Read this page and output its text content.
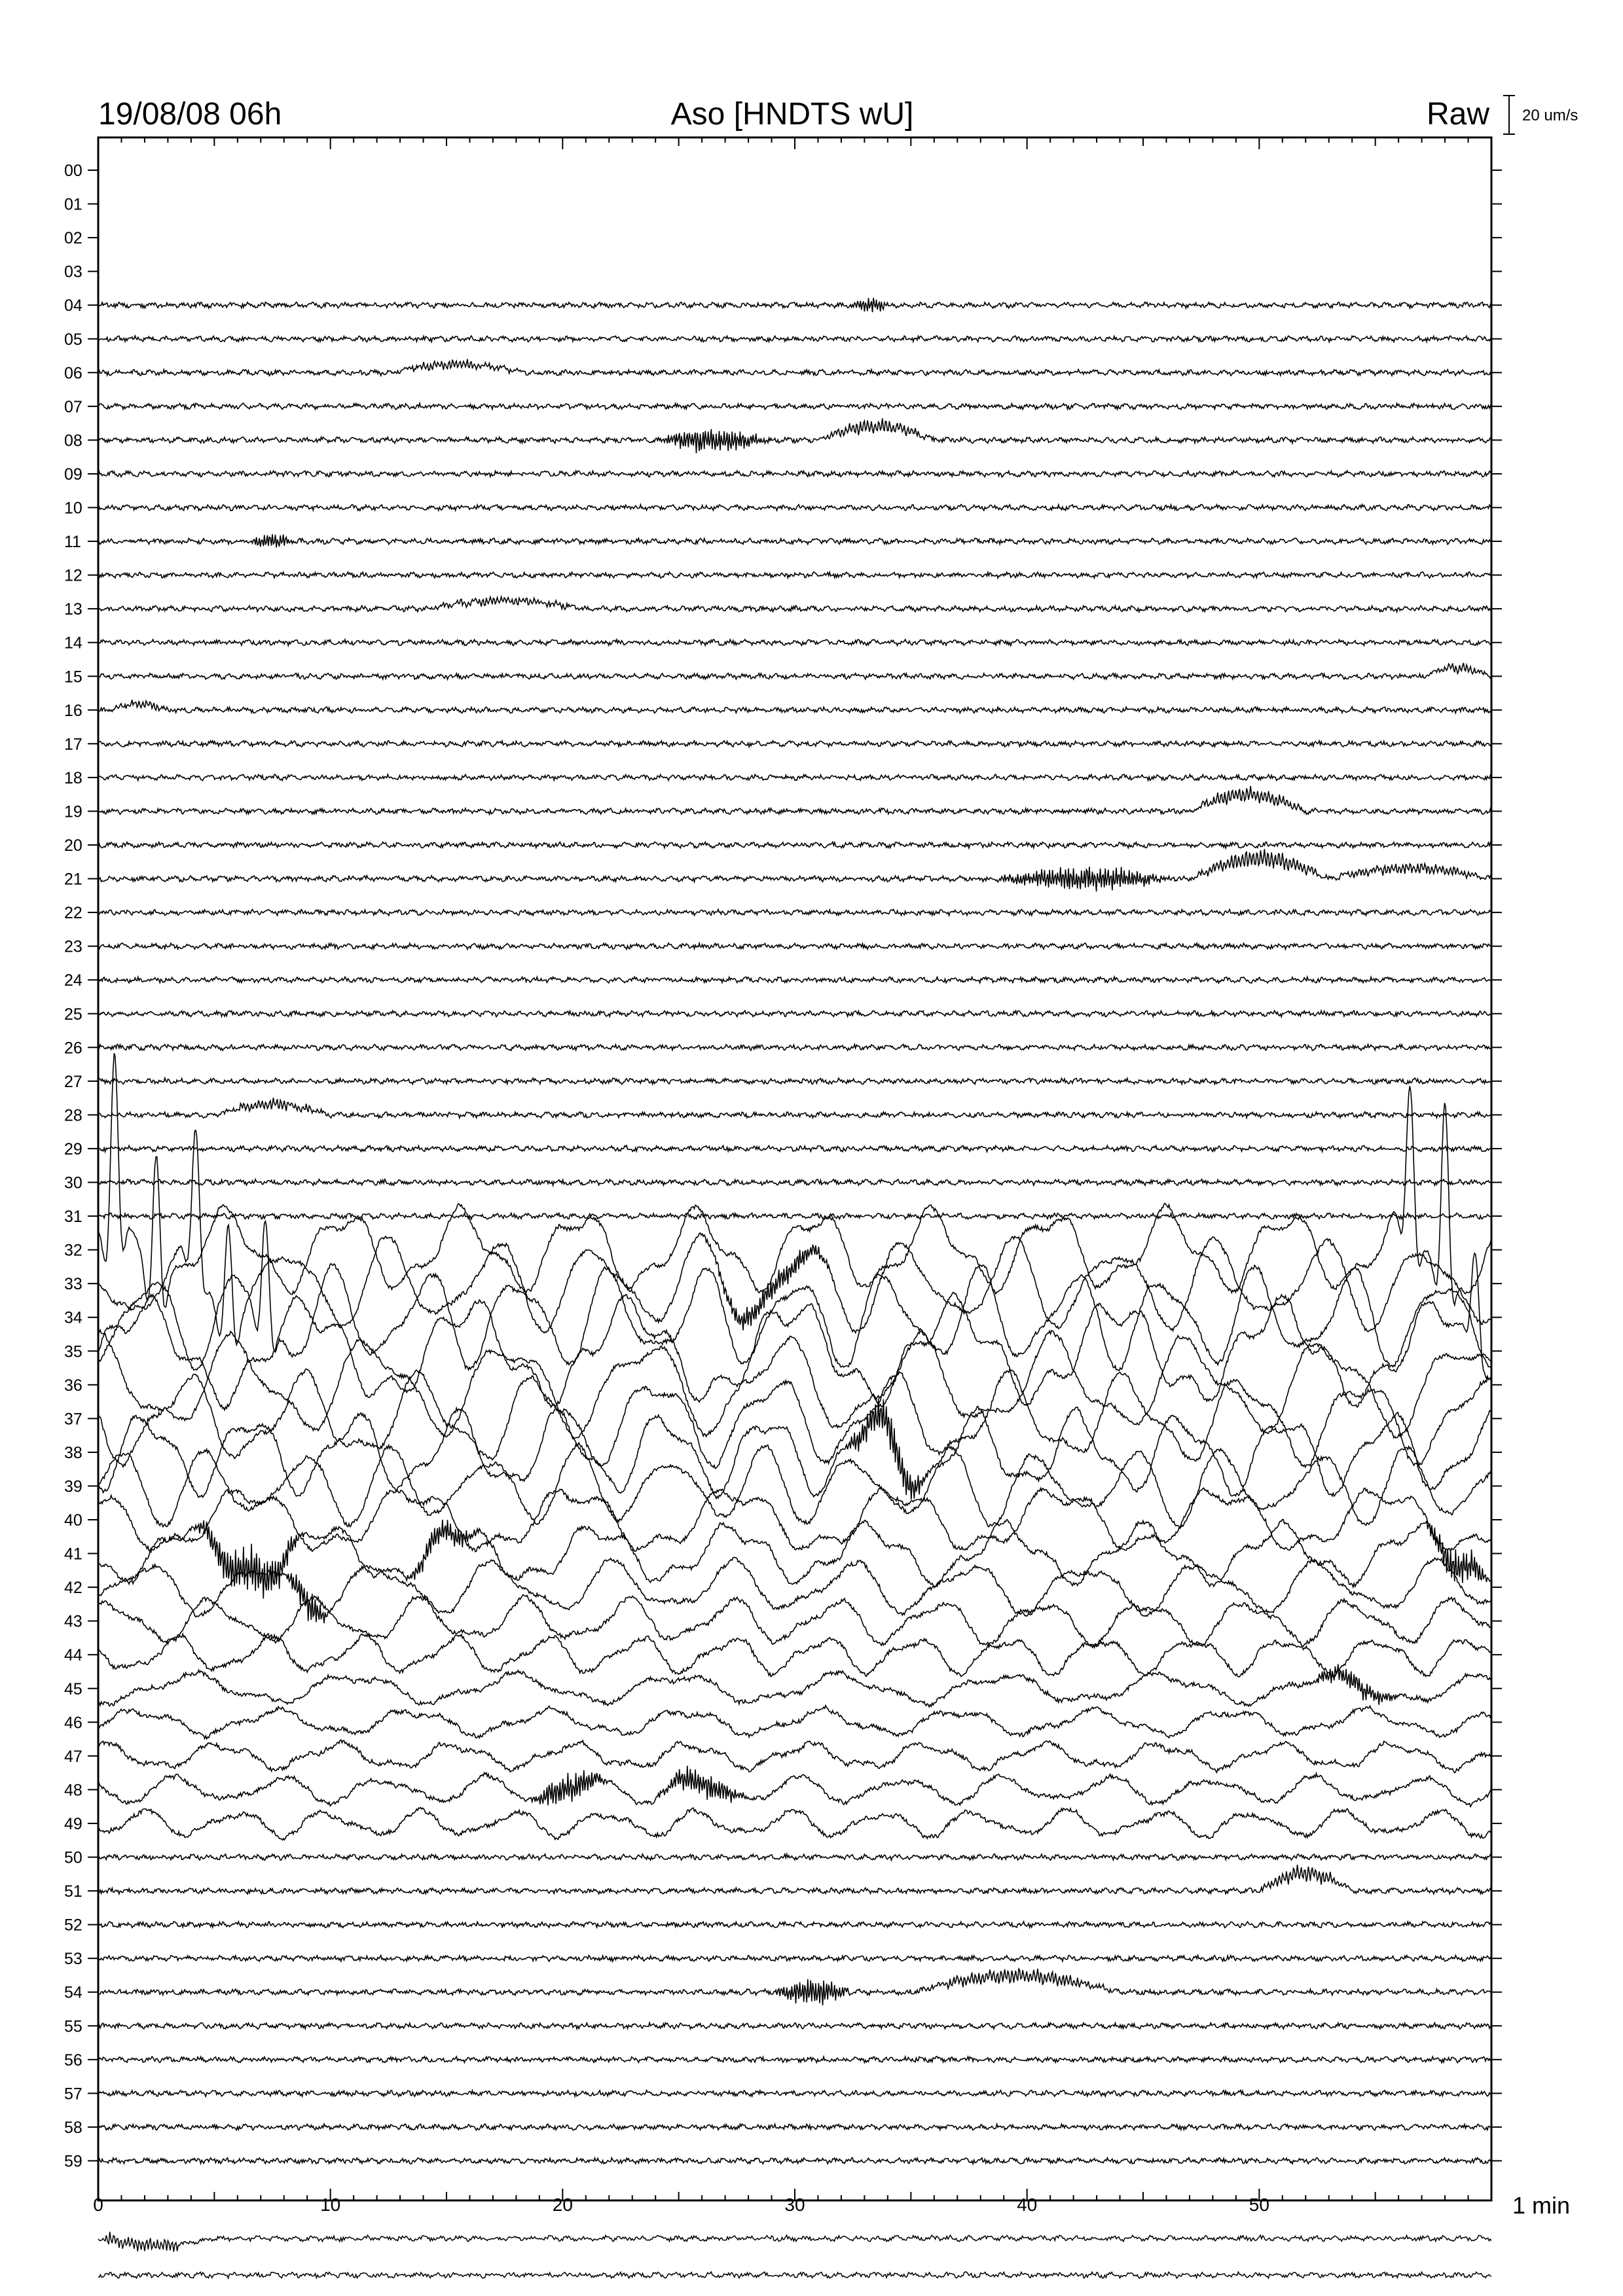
19/08/08 06h	Aso [HNDTS wU]	Raw 20 um/s
00
01
02
03
04
05
06
07
08
09
10
11
12
13
14
15
16
17
18
19
20
21
22
23
24
25
26
27
28
29
30
31
32
33
34
35
36
37
38
39
40
41
42
43
44
45
46
47
48
49
50
51
52
53
54
55
56
57
58
59
0	10	20	30	40	50	1 min
